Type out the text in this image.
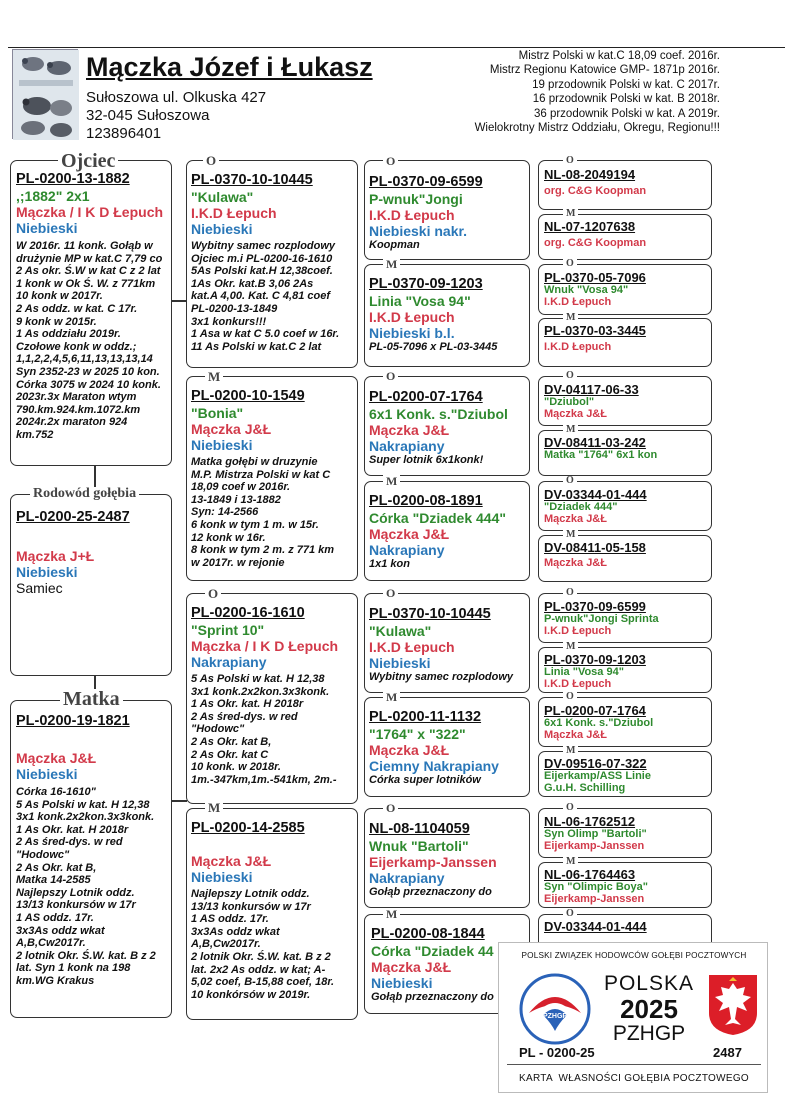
Mączka Józef i Łukasz
Sułoszowa ul. Olkuska 427
32-045 Sułoszowa
123896401
Mistrz Polski w kat.C 18,09 coef. 2016r.
Mistrz Regionu Katowice GMP- 1871p 2016r.
19 przodownik Polski w kat. C 2017r.
16 przodownik Polski w kat. B 2018r.
36 przodownik Polski w kat. A 2019r.
Wielokrotny Mistrz Oddziału, Okregu, Regionu!!!
PL-0200-13-1882
,;1882" 2x1
Mączka / I K D Łepuch
Niebieski
W 2016r. 11 konk. Gołąb w
drużynie MP w kat.C 7,79 co
2 As okr. Ś.W w kat C z 2 lat
1 konk w Ok Ś. W. z 771km
10 konk w 2017r.
2 As oddz. w kat. C 17r.
9 konk w 2015r.
1 As oddziału 2019r.
Czołowe konk w oddz.;
1,1,2,2,4,5,6,11,13,13,13,14
Syn 2352-23 w 2025 10 kon.
Córka 3075 w 2024 10 konk.
2023r.3x Maraton wtym
790.km.924.km.1072.km
2024r.2x maraton 924
km.752
Ojciec
PL-0200-25-2487
Mączka J+Ł
Niebieski
Samiec
Rodowód gołębia
PL-0200-19-1821
Mączka J&Ł
Niebieski
Córka 16-1610"
5 As Polski w kat. H 12,38
3x1 konk.2x2kon.3x3konk.
1 As Okr. kat. H 2018r
2 As śred-dys. w red
"Hodowc"
2 As Okr. kat B,
Matka 14-2585
Najlepszy Lotnik oddz.
13/13 konkursów w 17r
1 AS oddz. 17r.
3x3As oddz wkat
A,B,Cw2017r.
2 lotnik Okr. Ś.W. kat. B z 2
lat. Syn 1 konk na 198
km.WG Krakus
Matka
PL-0370-10-10445
"Kulawa"
I.K.D Łepuch
Niebieski
Wybitny samec rozplodowy
Ojciec m.i PL-0200-16-1610
5As Polski kat.H 12,38coef.
1As Okr. kat.B 3,06 2As
kat.A 4,00. Kat. C 4,81 coef
PL-0200-13-1849
3x1 konkurs!!!
1 Asa w kat C 5.0 coef w 16r.
11 As Polski w kat.C 2 lat
O
PL-0200-10-1549
"Bonia"
Mączka J&Ł
Niebieski
Matka gołębi w druzynie
M.P. Mistrza Polski w kat C
18,09 coef w 2016r.
13-1849 i 13-1882
Syn: 14-2566
6 konk w tym 1 m. w 15r.
12 konk w 16r.
8 konk w tym 2 m. z 771 km
w 2017r. w rejonie
M
PL-0200-16-1610
"Sprint 10"
Mączka / I K D Łepuch
Nakrapiany
5 As Polski w kat. H 12,38
3x1 konk.2x2kon.3x3konk.
1 As Okr. kat. H 2018r
2 As śred-dys. w red
"Hodowc"
2 As Okr. kat B,
2 As Okr. kat C
10 konk. w 2018r.
1m.-347km,1m.-541km, 2m.-
O
PL-0200-14-2585
Mączka J&Ł
Niebieski
Najlepszy Lotnik oddz.
13/13 konkursów w 17r
1 AS oddz. 17r.
3x3As oddz wkat
A,B,Cw2017r.
2 lotnik Okr. Ś.W. kat. B z 2
lat. 2x2 As oddz. w kat; A-
5,02 coef, B-15,88 coef, 18r.
10 konkórsów w 2019r.
M
PL-0370-09-6599
P-wnuk"Jongi
I.K.D Łepuch
Niebieski nakr.
Koopman
O
PL-0370-09-1203
Linia "Vosa 94"
I.K.D Łepuch
Niebieski b.l.
PL-05-7096 x PL-03-3445
M
PL-0200-07-1764
6x1 Konk. s."Dziubol
Mączka J&Ł
Nakrapiany
Super lotnik 6x1konk!
O
PL-0200-08-1891
Córka "Dziadek 444"
Mączka J&Ł
Nakrapiany
1x1 kon
M
PL-0370-10-10445
"Kulawa"
I.K.D Łepuch
Niebieski
Wybitny samec rozplodowy
O
PL-0200-11-1132
"1764" x "322"
Mączka J&Ł
Ciemny Nakrapiany
Córka super lotników
M
NL-08-1104059
Wnuk "Bartoli"
Eijerkamp-Janssen
Nakrapiany
Gołąb przeznaczony do
O
PL-0200-08-1844
Córka "Dziadek 44
Mączka J&Ł
Niebieski
Gołąb przeznaczony do
M
NL-08-2049194
org. C&G Koopman
O
NL-07-1207638
org. C&G Koopman
M
PL-0370-05-7096
Wnuk "Vosa 94"
I.K.D Łepuch
O
PL-0370-03-3445
I.K.D Łepuch
M
DV-04117-06-33
"Dziubol"
Mączka J&Ł
O
DV-08411-03-242
Matka "1764" 6x1 kon
M
DV-03344-01-444
"Dziadek 444"
Mączka J&Ł
O
DV-08411-05-158
Mączka J&Ł
M
PL-0370-09-6599
P-wnuk"Jongi Sprinta
I.K.D Łepuch
O
PL-0370-09-1203
Linia "Vosa 94"
I.K.D Łepuch
M
PL-0200-07-1764
6x1 Konk. s."Dziubol
Mączka J&Ł
O
DV-09516-07-322
Eijerkamp/ASS Linie
G.u.H. Schilling
M
NL-06-1762512
Syn Olimp "Bartoli"
Eijerkamp-Janssen
O
NL-06-1764463
Syn "Olimpic Boya"
Eijerkamp-Janssen
M
DV-03344-01-444
O
POLSKI ZWIĄZEK HODOWCÓW GOŁĘBI POCZTOWYCH
PZHGP
POLSKA
2025
PZHGP
PL - 0200-25	2487
KARTA  WŁASNOŚCI GOŁĘBIA POCZTOWEGO
